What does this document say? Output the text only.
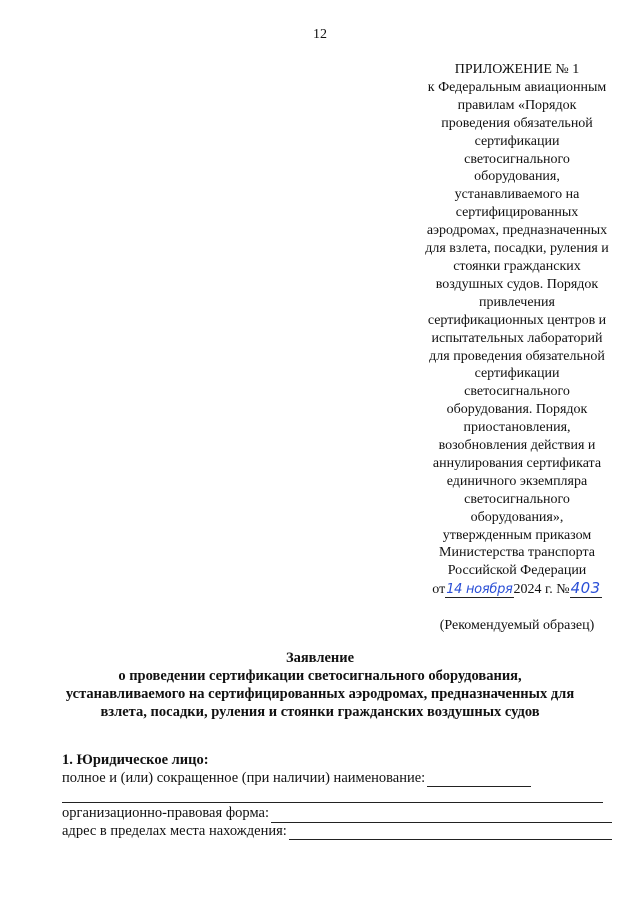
12
ПРИЛОЖЕНИЕ № 1
к Федеральным авиационным
правилам «Порядок
проведения обязательной
сертификации
светосигнального
оборудования,
устанавливаемого на
сертифицированных
аэродромах, предназначенных
для взлета, посадки, руления и
стоянки гражданских
воздушных судов. Порядок
привлечения
сертификационных центров и
испытательных лабораторий
для проведения обязательной
сертификации
светосигнального
оборудования. Порядок
приостановления,
возобновления действия и
аннулирования сертификата
единичного экземпляра
светосигнального
оборудования»,
утвержденным приказом
Министерства транспорта
Российской Федерации
от14 ноября2024 г. №403
(Рекомендуемый образец)
Заявление
о проведении сертификации светосигнального оборудования,
устанавливаемого на сертифицированных аэродромах, предназначенных для
взлета, посадки, руления и стоянки гражданских воздушных судов
1. Юридическое лицо:
полное и (или) сокращенное (при наличии) наименование:
организационно-правовая форма:
адрес в пределах места нахождения:
